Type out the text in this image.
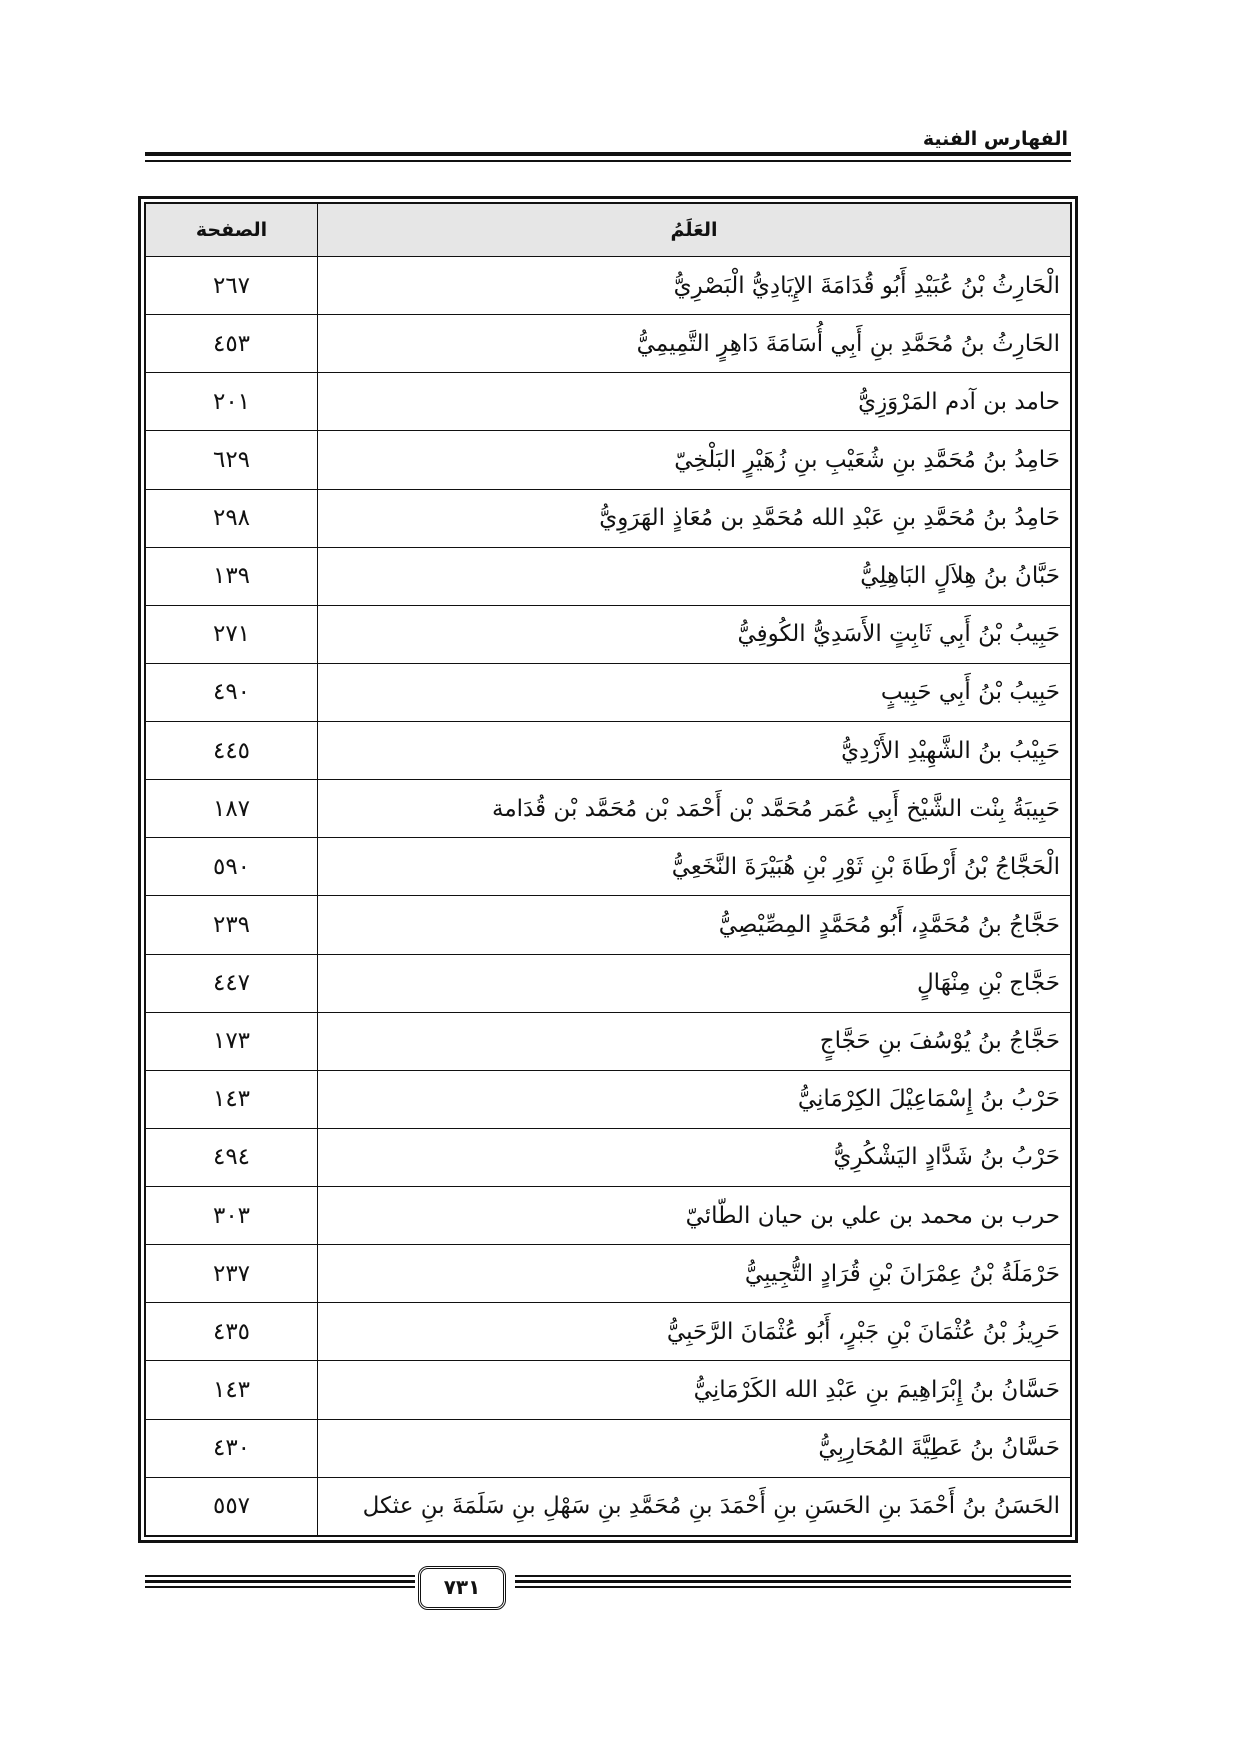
الفهارس الفنية
العَلَمُ	الصفحة
الْحَارِثُ بْنُ عُبَيْدِ أَبُو قُدَامَةَ الإِيَادِيُّ الْبَصْرِيُّ	٢٦٧
الحَارِثُ بنُ مُحَمَّدِ بنِ أَبِي أُسَامَةَ دَاهِرٍ التَّمِيمِيُّ	٤٥٣
حامد بن آدم المَرْوَزِيُّ	٢٠١
حَامِدُ بنُ مُحَمَّدِ بنِ شُعَيْبِ بنِ زُهَيْرٍ البَلْخِيّ	٦٢٩
حَامِدُ بنُ مُحَمَّدِ بنِ عَبْدِ الله مُحَمَّدِ بن مُعَاذٍ الهَرَوِيُّ	٢٩٨
حَبَّانُ بنُ هِلاَلٍ البَاهِلِيُّ	١٣٩
حَبِيبُ بْنُ أَبِي ثَابِتٍ الأَسَدِيُّ الكُوفِيُّ	٢٧١
حَبِيبُ بْنُ أَبِي حَبِيبٍ	٤٩٠
حَبِيْبُ بنُ الشَّهِيْدِ الأَزْدِيُّ	٤٤٥
حَبِيبَةُ بِنْت الشَّيْخ أَبِي عُمَر مُحَمَّد بْن أَحْمَد بْن مُحَمَّد بْن قُدَامة	١٨٧
الْحَجَّاجُ بْنُ أَرْطَاةَ بْنِ ثَوْرِ بْنِ هُبَيْرَةَ النَّخَعِيُّ	٥٩٠
حَجَّاجُ بنُ مُحَمَّدٍ، أَبُو مُحَمَّدٍ المِصِّيْصِيُّ	٢٣٩
حَجَّاج بْنِ مِنْهَالٍ	٤٤٧
حَجَّاجُ بنُ يُوْسُفَ بنِ حَجَّاجٍ	١٧٣
حَرْبُ بنُ إِسْمَاعِيْلَ الكِرْمَانِيُّ	١٤٣
حَرْبُ بنُ شَدَّادٍ اليَشْكُرِيُّ	٤٩٤
حرب بن محمد بن علي بن حيان الطّائيّ	٣٠٣
حَرْمَلَةُ بْنُ عِمْرَانَ بْنِ قُرَادٍ التُّجِيبِيُّ	٢٣٧
حَرِيزُ بْنُ عُثْمَانَ بْنِ جَبْرٍ، أَبُو عُثْمَانَ الرَّحَبِيُّ	٤٣٥
حَسَّانُ بنُ إِبْرَاهِيمَ بنِ عَبْدِ الله الكَرْمَانِيُّ	١٤٣
حَسَّانُ بنُ عَطِيَّةَ المُحَارِبِيُّ	٤٣٠
الحَسَنُ بنُ أَحْمَدَ بنِ الحَسَنِ بنِ أَحْمَدَ بنِ مُحَمَّدِ بنِ سَهْلِ بنِ سَلَمَةَ بنِ عثكل	٥٥٧
٧٣١
